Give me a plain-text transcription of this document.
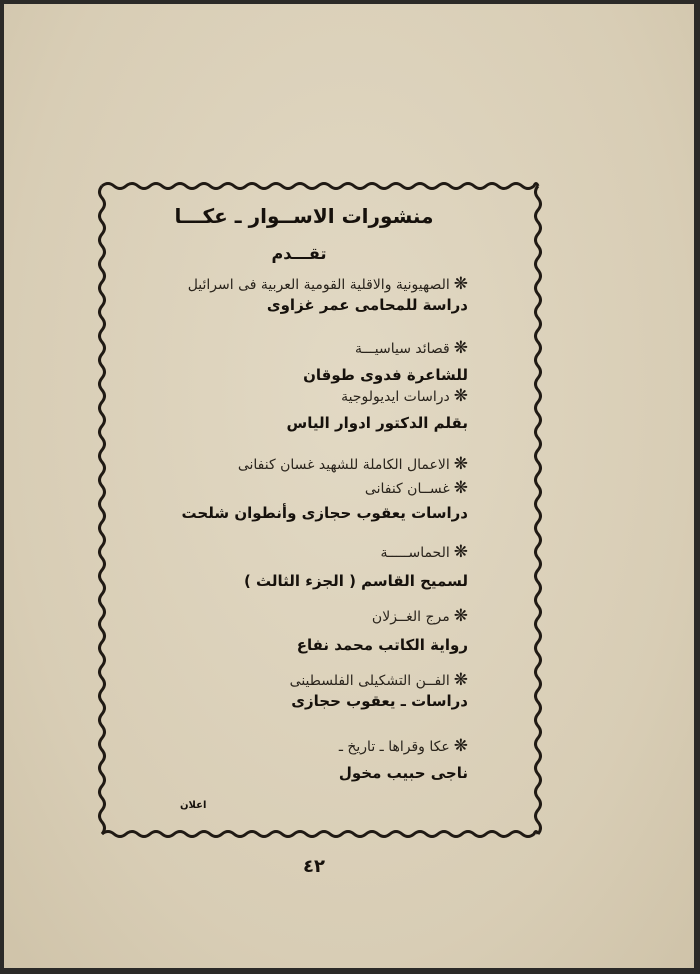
منشورات الاســوار ـ عكـــا
تقـــدم
❋الصهيونية والاقلية القومية العربية فى اسرائيل
دراسة للمحامى عمر غزاوى
❋قصائد سياسيـــة
للشاعرة فدوى طوقان
❋دراسات ايديولوجية
بقلم الدكتور ادوار الياس
❋الاعمال الكاملة للشهيد غسان كنفانى
❋غســان كنفانى
دراسات يعقوب حجازى وأنطوان شلحت
❋الحماســـــة
لسميح القاسم ( الجزء الثالث )
❋مرج الغــزلان
رواية الكاتب محمد نفاع
❋الفــن التشكيلى الفلسطينى
دراسات ـ يعقوب حجازى
❋عكا وقراها ـ تاريخ ـ
ناجى حبيب مخول
اعلان
٤٢
